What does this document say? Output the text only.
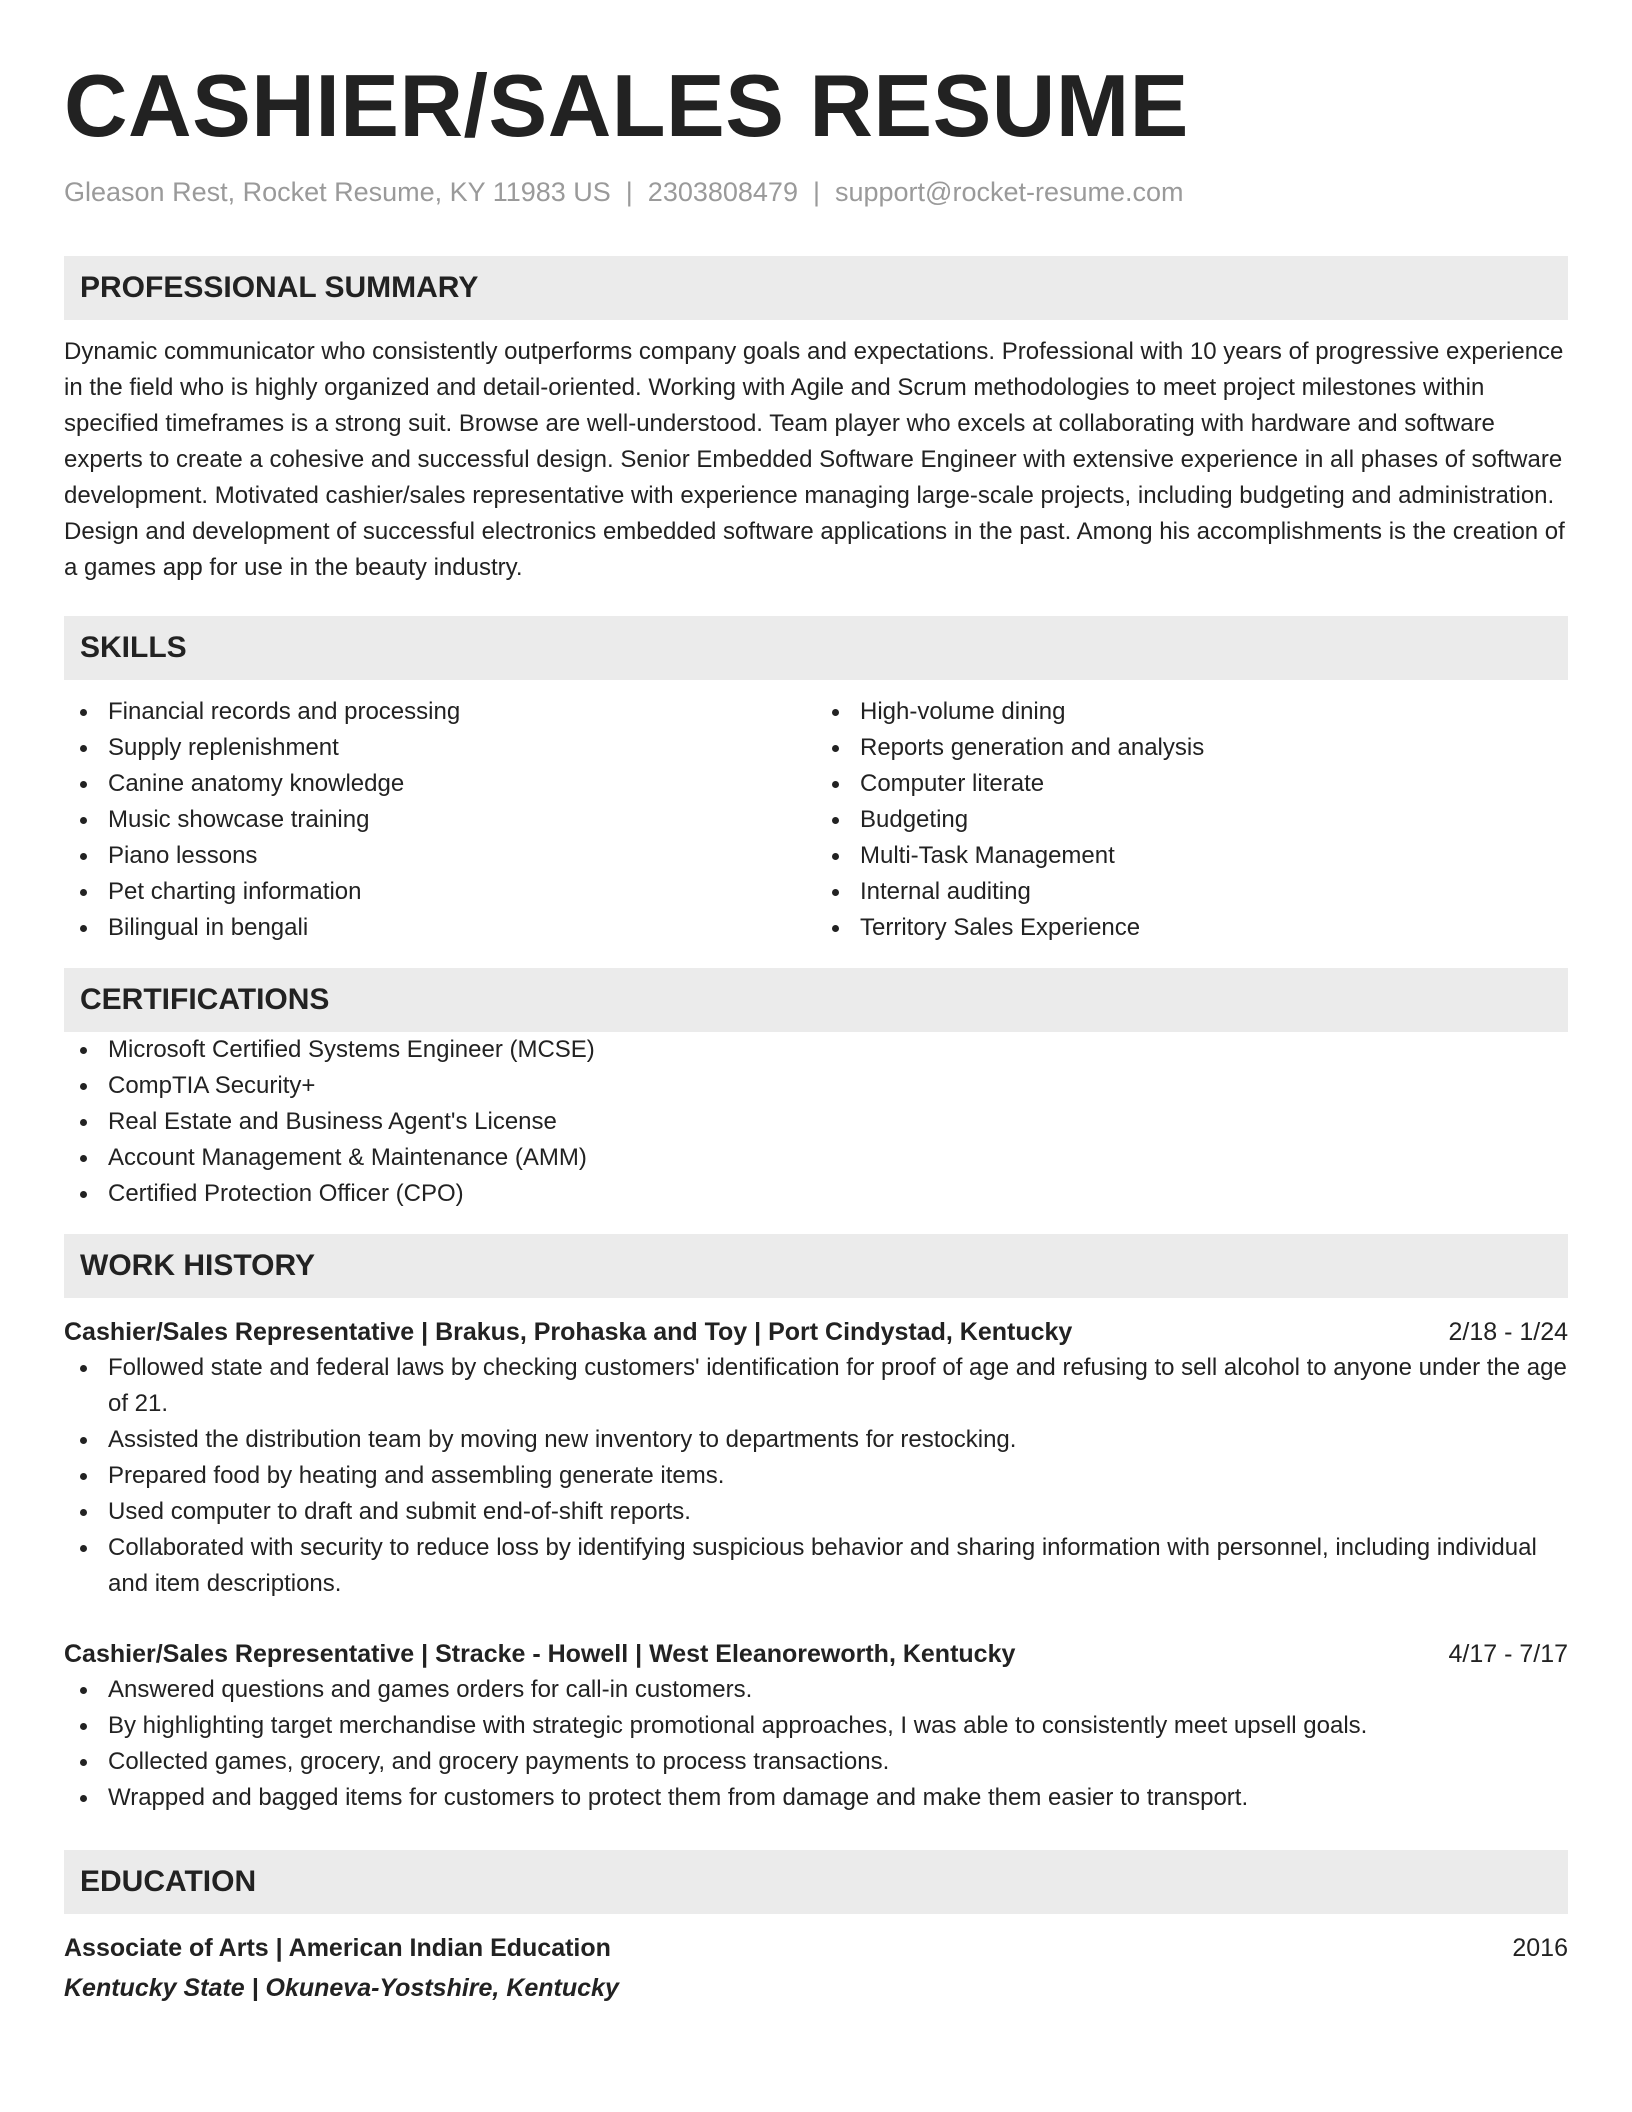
CASHIER/SALES RESUME
Gleason Rest, Rocket Resume, KY 11983 US | 2303808479 | support@rocket-resume.com
PROFESSIONAL SUMMARY

Dynamic communicator who consistently outperforms company goals and expectations. Professional with 10 years of progressive experience in the field who is highly organized and detail-oriented. Working with Agile and Scrum methodologies to meet project milestones within specified timeframes is a strong suit. Browse are well-understood. Team player who excels at collaborating with hardware and software experts to create a cohesive and successful design. Senior Embedded Software Engineer with extensive experience in all phases of software development. Motivated cashier/sales representative with experience managing large-scale projects, including budgeting and administration. Design and development of successful electronics embedded software applications in the past. Among his accomplishments is the creation of a games app for use in the beauty industry.

SKILLS
Financial records and processing
Supply replenishment
Canine anatomy knowledge
Music showcase training
Piano lessons
Pet charting information
Bilingual in bengali
High-volume dining
Reports generation and analysis
Computer literate
Budgeting
Multi-Task Management
Internal auditing
Territory Sales Experience
CERTIFICATIONS
Microsoft Certified Systems Engineer (MCSE)
CompTIA Security+
Real Estate and Business Agent's License
Account Management & Maintenance (AMM)
Certified Protection Officer (CPO)
WORK HISTORY
Cashier/Sales Representative | Brakus, Prohaska and Toy | Port Cindystad, Kentucky	2/18 - 1/24
Followed state and federal laws by checking customers' identification for proof of age and refusing to sell alcohol to anyone under the age of 21.
Assisted the distribution team by moving new inventory to departments for restocking.
Prepared food by heating and assembling generate items.
Used computer to draft and submit end-of-shift reports.
Collaborated with security to reduce loss by identifying suspicious behavior and sharing information with personnel, including individual and item descriptions.
Cashier/Sales Representative | Stracke - Howell | West Eleanoreworth, Kentucky	4/17 - 7/17
Answered questions and games orders for call-in customers.
By highlighting target merchandise with strategic promotional approaches, I was able to consistently meet upsell goals.
Collected games, grocery, and grocery payments to process transactions.
Wrapped and bagged items for customers to protect them from damage and make them easier to transport.
EDUCATION
Associate of Arts | American Indian Education	2016
Kentucky State | Okuneva-Yostshire, Kentucky
